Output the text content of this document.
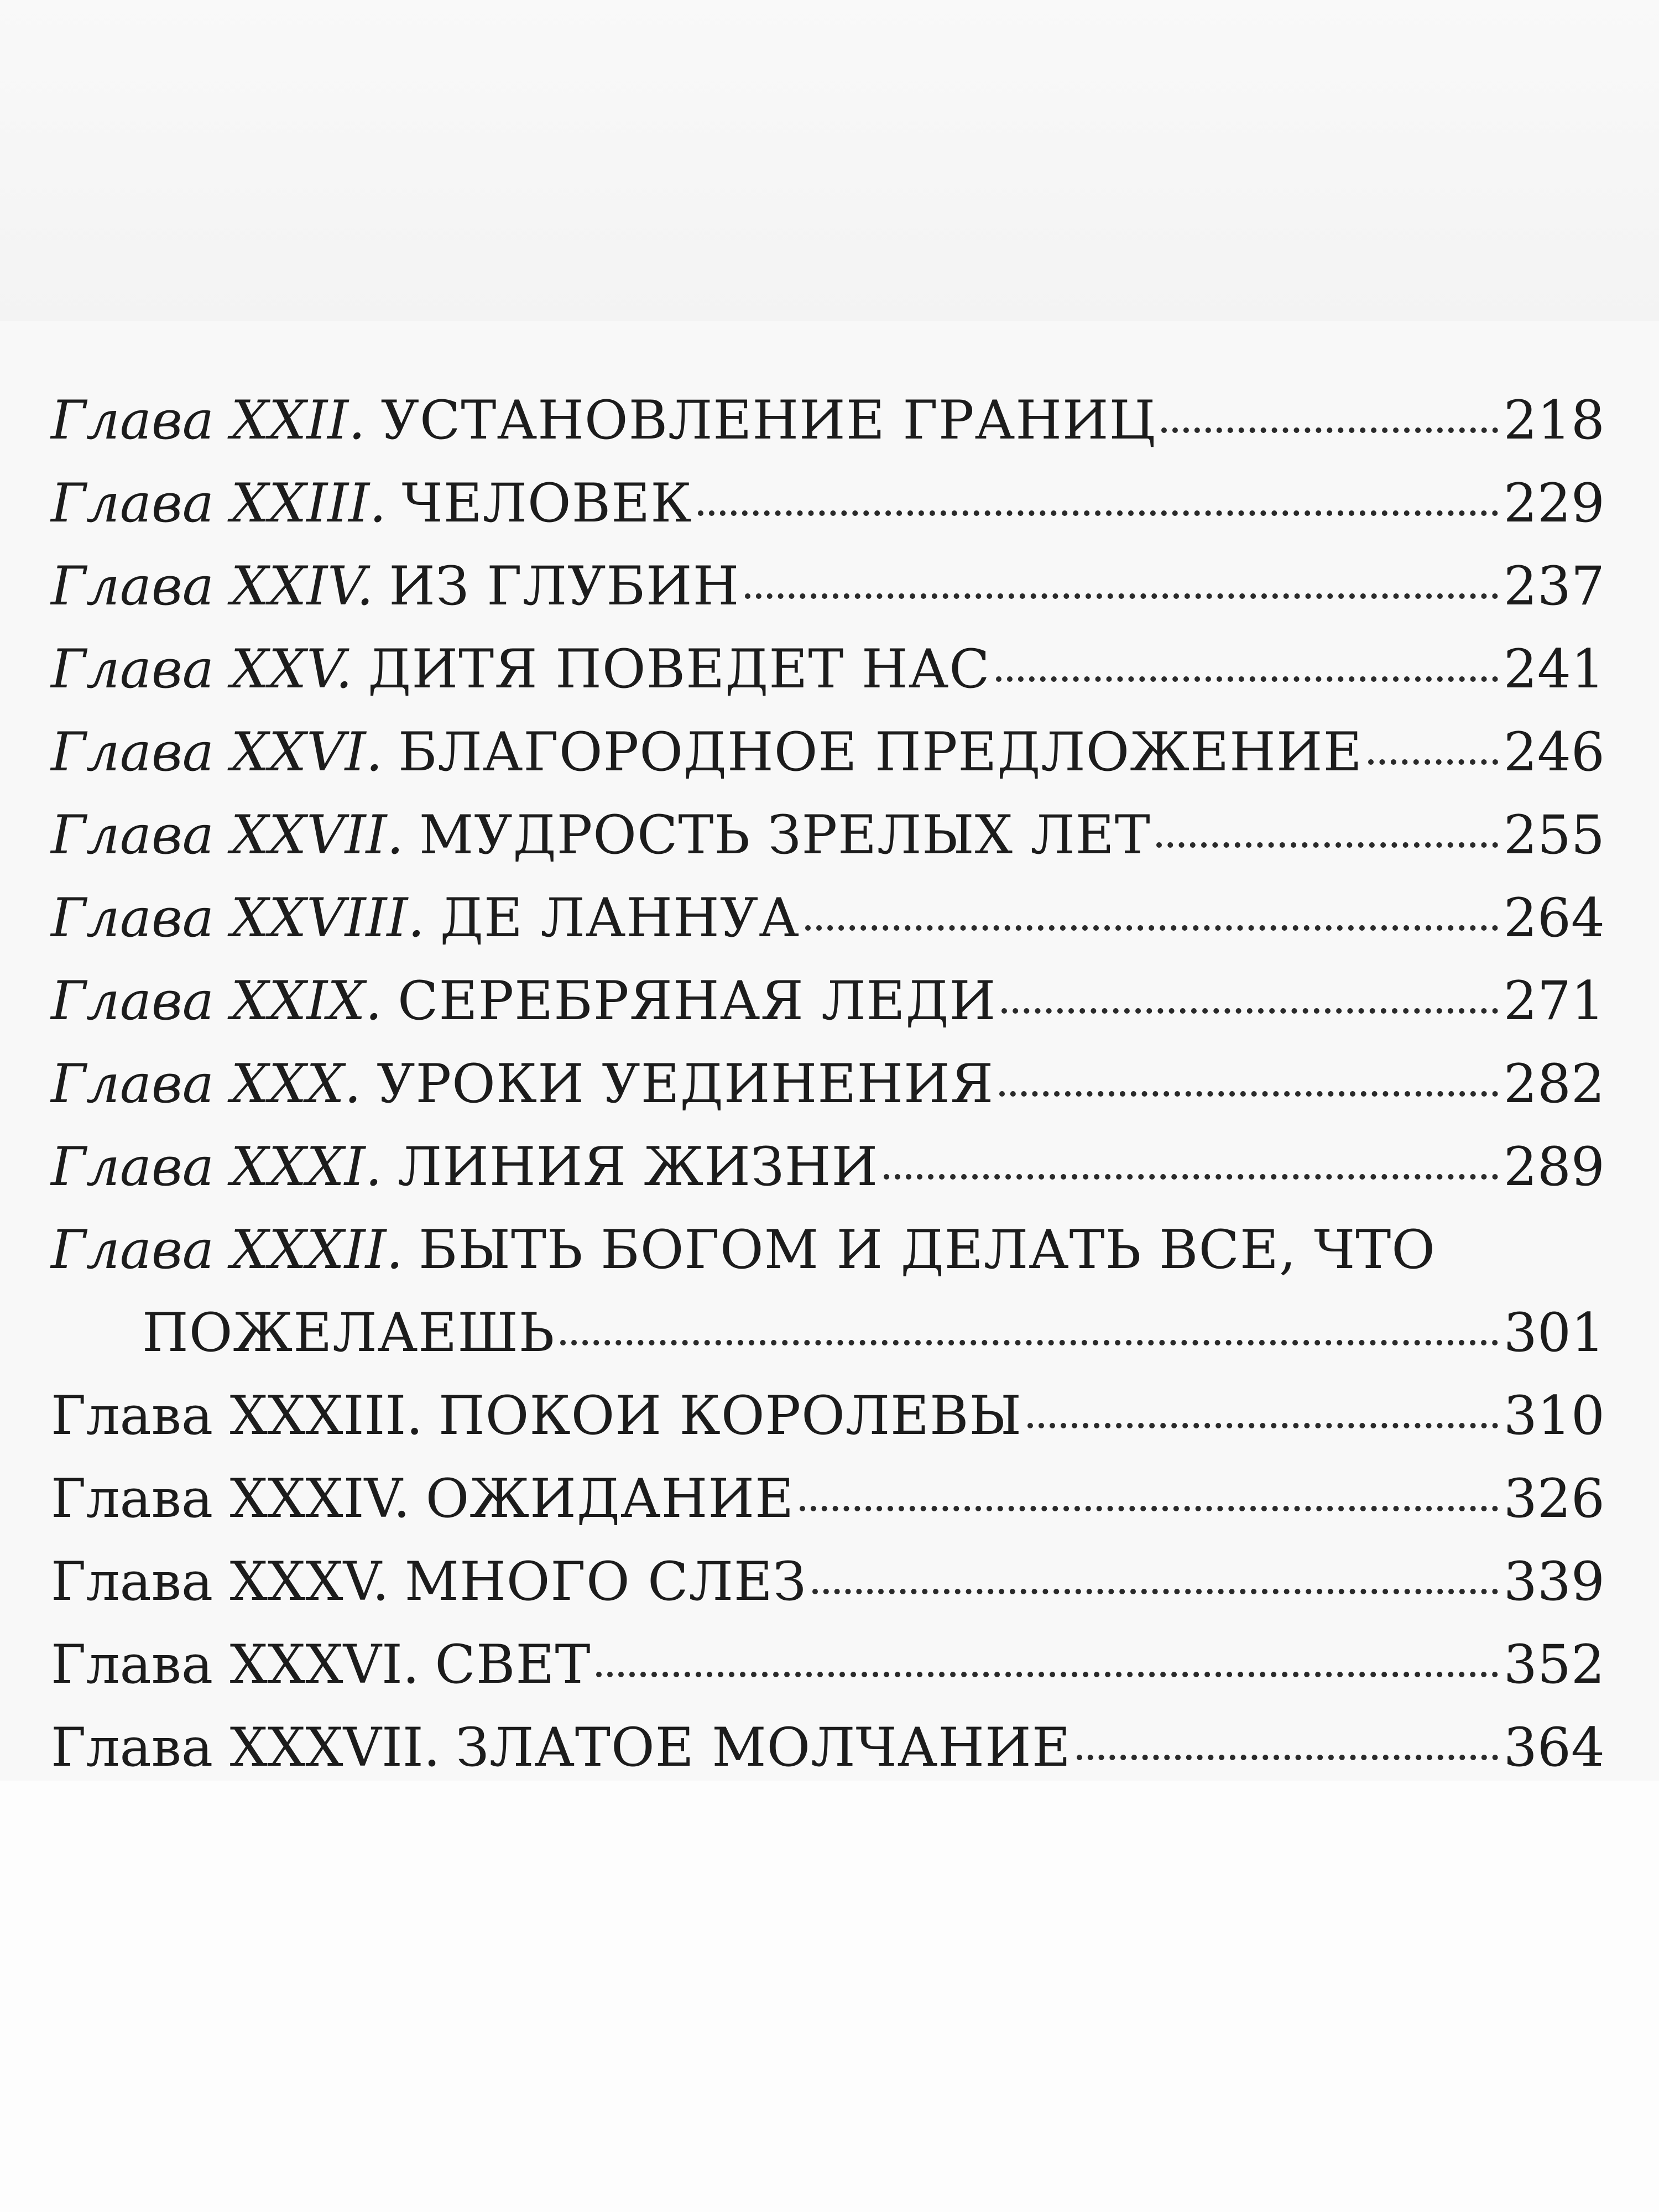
Глава XXII. УСТАНОВЛЕНИЕ ГРАНИЦ	218
Глава XXIII. ЧЕЛОВЕК	229
Глава XXIV. ИЗ ГЛУБИН	237
Глава XXV. ДИТЯ ПОВЕДЕТ НАС	241
Глава XXVI. БЛАГОРОДНОЕ ПРЕДЛОЖЕНИЕ	246
Глава XXVII. МУДРОСТЬ ЗРЕЛЫХ ЛЕТ	255
Глава XXVIII. ДЕ ЛАННУА	264
Глава XXIX. СЕРЕБРЯНАЯ ЛЕДИ	271
Глава XXX. УРОКИ УЕДИНЕНИЯ	282
Глава XXXI. ЛИНИЯ ЖИЗНИ	289
Глава XXXII. БЫТЬ БОГОМ И ДЕЛАТЬ ВСЕ, ЧТО
ПОЖЕЛАЕШЬ	301
Глава XXXIII. ПОКОИ КОРОЛЕВЫ	310
Глава XXXIV. ОЖИДАНИЕ	326
Глава XXXV. МНОГО СЛЕЗ	339
Глава XXXVI. СВЕТ	352
Глава XXXVII. ЗЛАТОЕ МОЛЧАНИЕ	364
